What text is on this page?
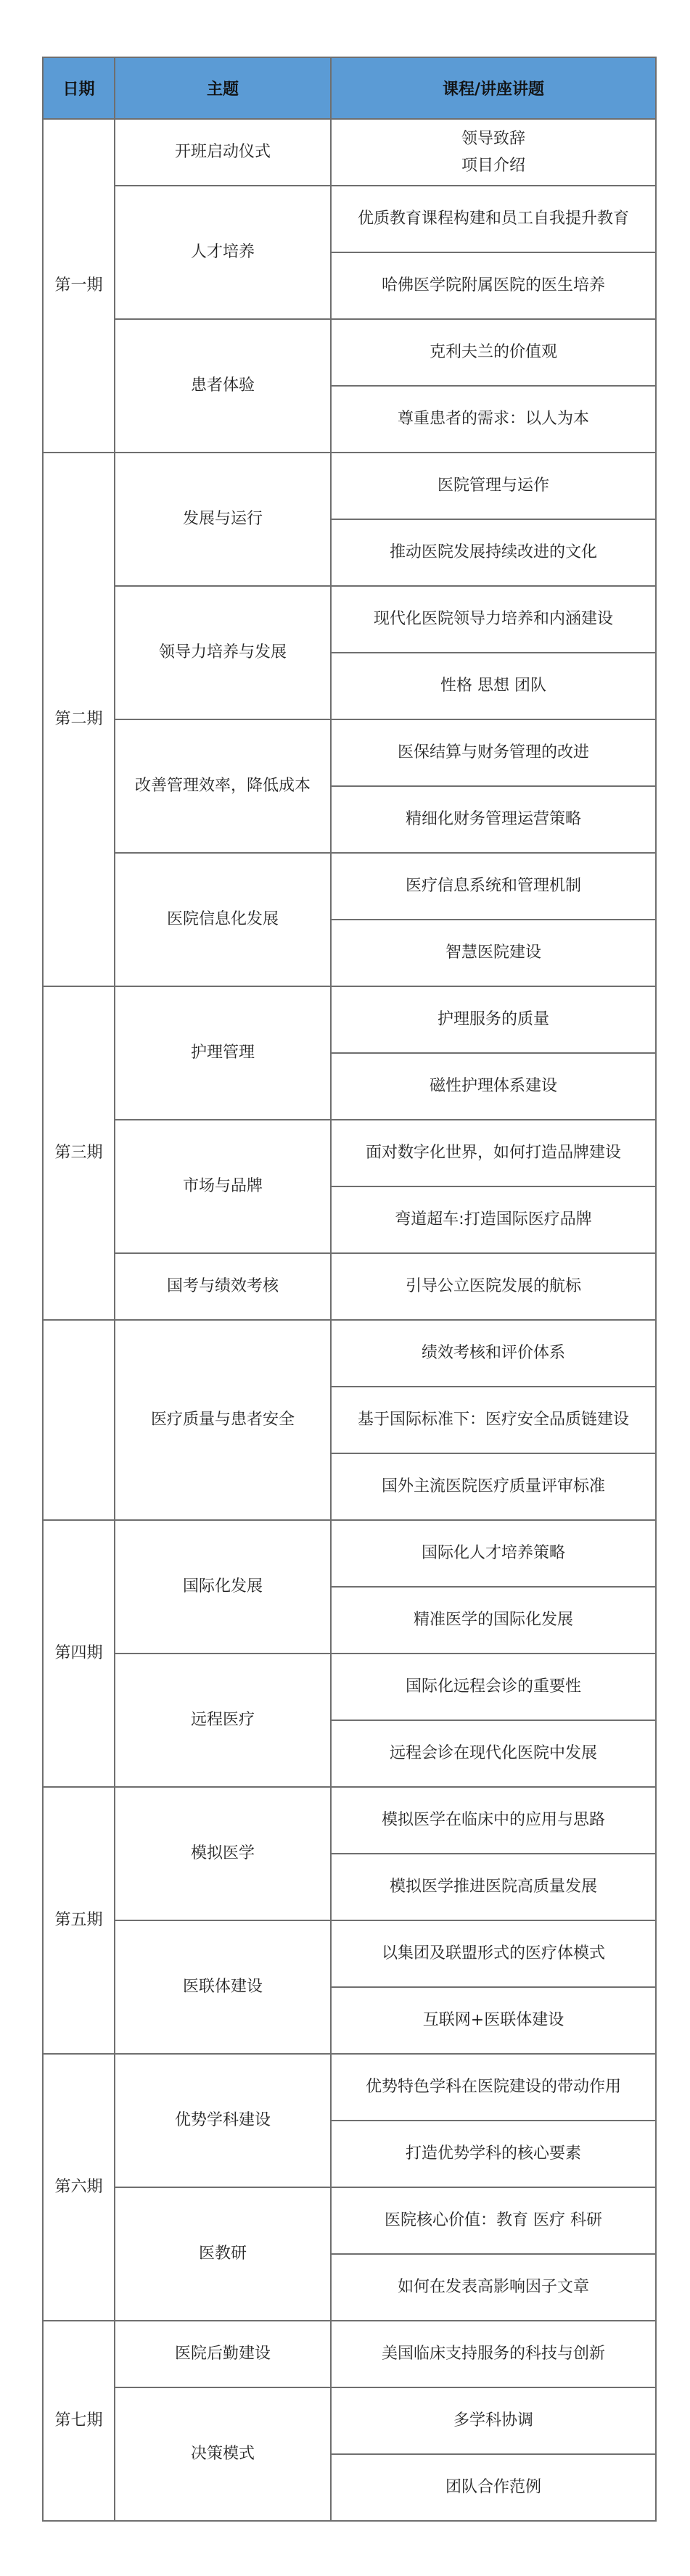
日期	主题	课程/讲座讲题
第一期	开班启动仪式	领导致辞
项目介绍
	人才培养	优质教育课程构建和员工自我提升教育
		哈佛医学院附属医院的医生培养
	患者体验	克利夫兰的价值观
		尊重患者的需求：以人为本
第二期	发展与运行	医院管理与运作
		推动医院发展持续改进的文化
	领导力培养与发展	现代化医院领导力培养和内涵建设
		性格 思想 团队
	改善管理效率，降低成本	医保结算与财务管理的改进
		精细化财务管理运营策略
	医院信息化发展	医疗信息系统和管理机制
		智慧医院建设
第三期	护理管理	护理服务的质量
		磁性护理体系建设
	市场与品牌	面对数字化世界，如何打造品牌建设
		弯道超车:打造国际医疗品牌
	国考与绩效考核	引导公立医院发展的航标
	医疗质量与患者安全	绩效考核和评价体系
		基于国际标准下：医疗安全品质链建设
		国外主流医院医疗质量评审标准
第四期	国际化发展	国际化人才培养策略
		精准医学的国际化发展
	远程医疗	国际化远程会诊的重要性
		远程会诊在现代化医院中发展
第五期	模拟医学	模拟医学在临床中的应用与思路
		模拟医学推进医院高质量发展
	医联体建设	以集团及联盟形式的医疗体模式
		互联网+医联体建设
第六期	优势学科建设	优势特色学科在医院建设的带动作用
		打造优势学科的核心要素
	医教研	医院核心价值：教育 医疗 科研
		如何在发表高影响因子文章
第七期	医院后勤建设	美国临床支持服务的科技与创新
	决策模式	多学科协调
		团队合作范例
